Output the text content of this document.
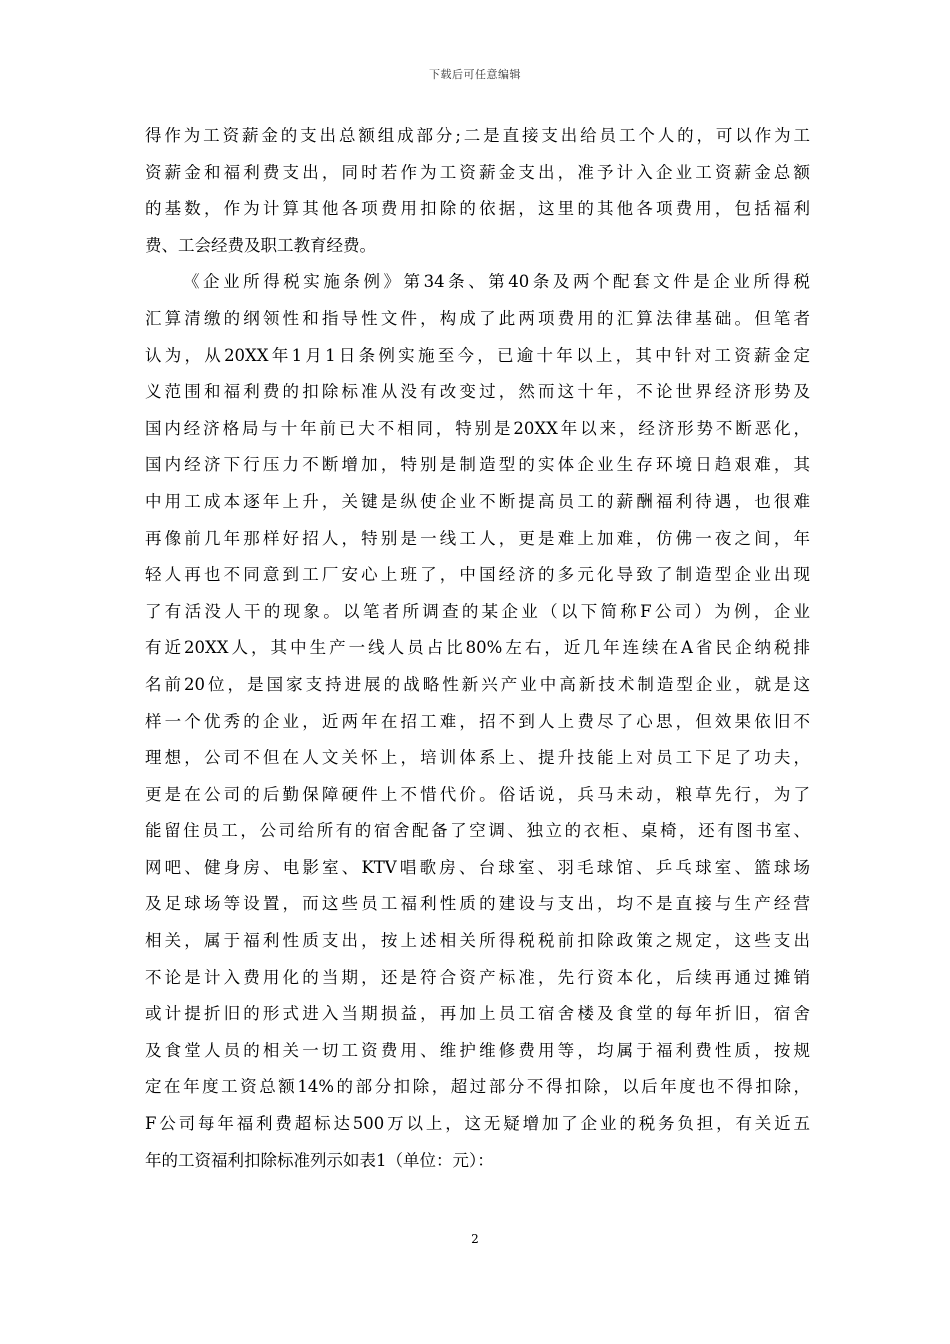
下载后可任意编辑
得作为工资薪金的支出总额组成部分;二是直接支出给员工个人的，可以作为工
资薪金和福利费支出，同时若作为工资薪金支出，准予计入企业工资薪金总额
的基数，作为计算其他各项费用扣除的依据，这里的其他各项费用，包括福利
费、工会经费及职工教育经费。
《企业所得税实施条例》第34条、第40条及两个配套文件是企业所得税
汇算清缴的纲领性和指导性文件，构成了此两项费用的汇算法律基础。但笔者
认为，从20XX年1月1日条例实施至今，已逾十年以上，其中针对工资薪金定
义范围和福利费的扣除标准从没有改变过，然而这十年，不论世界经济形势及
国内经济格局与十年前已大不相同，特别是20XX年以来，经济形势不断恶化，
国内经济下行压力不断增加，特别是制造型的实体企业生存环境日趋艰难，其
中用工成本逐年上升，关键是纵使企业不断提高员工的薪酬福利待遇，也很难
再像前几年那样好招人，特别是一线工人，更是难上加难，仿佛一夜之间，年
轻人再也不同意到工厂安心上班了，中国经济的多元化导致了制造型企业出现
了有活没人干的现象。以笔者所调查的某企业（以下简称F公司）为例，企业
有近20XX人，其中生产一线人员占比80%左右，近几年连续在A省民企纳税排
名前20位，是国家支持进展的战略性新兴产业中高新技术制造型企业，就是这
样一个优秀的企业，近两年在招工难，招不到人上费尽了心思，但效果依旧不
理想，公司不但在人文关怀上，培训体系上、提升技能上对员工下足了功夫，
更是在公司的后勤保障硬件上不惜代价。俗话说，兵马未动，粮草先行，为了
能留住员工，公司给所有的宿舍配备了空调、独立的衣柜、桌椅，还有图书室、
网吧、健身房、电影室、KTV唱歌房、台球室、羽毛球馆、乒乓球室、篮球场
及足球场等设置，而这些员工福利性质的建设与支出，均不是直接与生产经营
相关，属于福利性质支出，按上述相关所得税税前扣除政策之规定，这些支出
不论是计入费用化的当期，还是符合资产标准，先行资本化，后续再通过摊销
或计提折旧的形式进入当期损益，再加上员工宿舍楼及食堂的每年折旧，宿舍
及食堂人员的相关一切工资费用、维护维修费用等，均属于福利费性质，按规
定在年度工资总额14%的部分扣除，超过部分不得扣除，以后年度也不得扣除，
F公司每年福利费超标达500万以上，这无疑增加了企业的税务负担，有关近五
年的工资福利扣除标准列示如表1（单位：元）：
2
